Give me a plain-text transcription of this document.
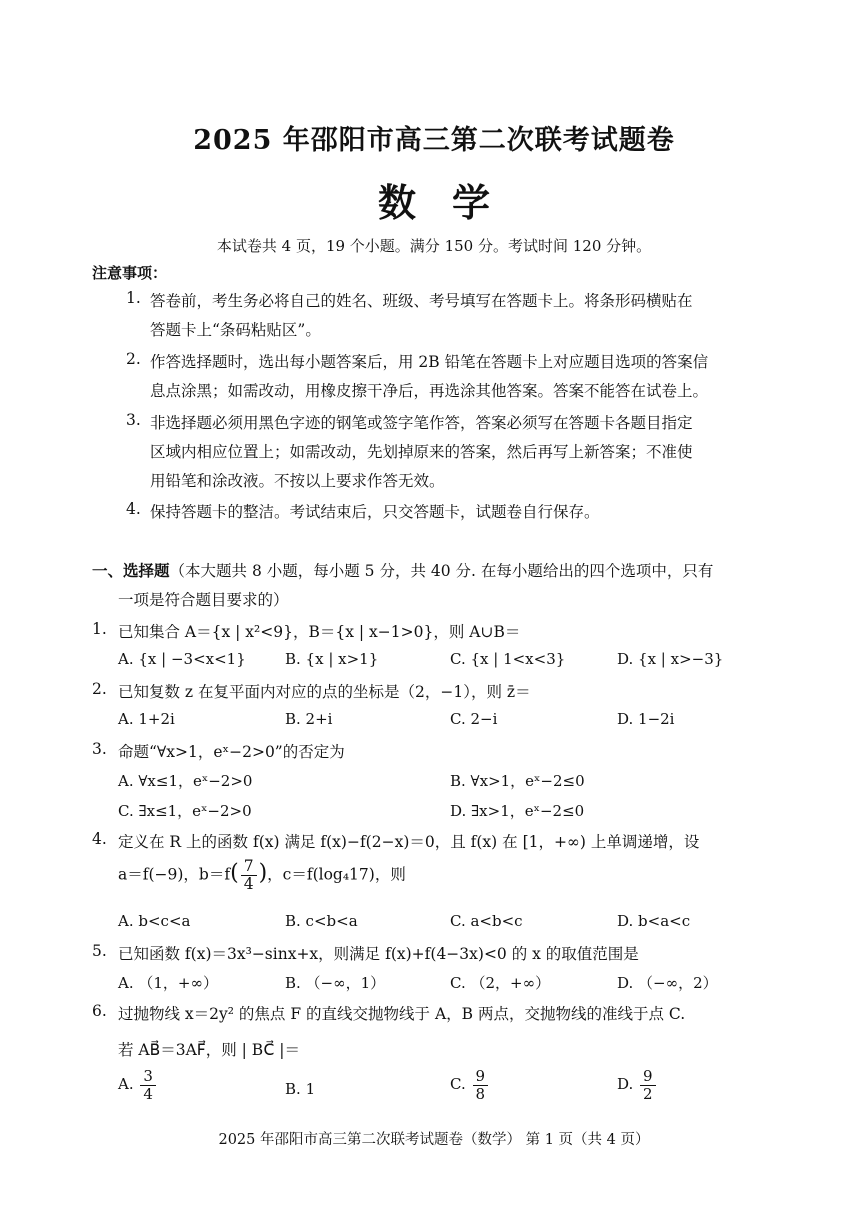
2025 年邵阳市高三第二次联考试题卷
数学
本试卷共 4 页，19 个小题。满分 150 分。考试时间 120 分钟。
注意事项：
1. 答卷前，考生务必将自己的姓名、班级、考号填写在答题卡上。将条形码横贴在
答题卡上“条码粘贴区”。
2. 作答选择题时，选出每小题答案后，用 2B 铅笔在答题卡上对应题目选项的答案信
息点涂黑；如需改动，用橡皮擦干净后，再选涂其他答案。答案不能答在试卷上。
3. 非选择题必须用黑色字迹的钢笔或签字笔作答，答案必须写在答题卡各题目指定
区域内相应位置上；如需改动，先划掉原来的答案，然后再写上新答案；不准使
用铅笔和涂改液。不按以上要求作答无效。
4. 保持答题卡的整洁。考试结束后，只交答题卡，试题卷自行保存。
一、选择题（本大题共 8 小题，每小题 5 分，共 40 分. 在每小题给出的四个选项中，只有
一项是符合题目要求的）
1. 已知集合 A＝{x | x²<9}，B＝{x | x−1>0}，则 A∪B＝
A. {x | −3<x<1}	B. {x | x>1}	C. {x | 1<x<3}	D. {x | x>−3}
2. 已知复数 z 在复平面内对应的点的坐标是（2，−1），则 z̄＝
A. 1+2i	B. 2+i	C. 2−i	D. 1−2i
3. 命题“∀x>1，eˣ−2>0”的否定为
A. ∀x≤1，eˣ−2>0	B. ∀x>1，eˣ−2≤0
C. ∃x≤1，eˣ−2>0	D. ∃x>1，eˣ−2≤0
4. 定义在 R 上的函数 f(x) 满足 f(x)−f(2−x)＝0，且 f(x) 在 [1，+∞) 上单调递增，设
a＝f(−9)，$b=f( \frac{7}{4}$ )，c＝f(log₄17)，则
A. b<c<a	B. c<b<a	C. a<b<c	D. b<a<c
5. 已知函数 f(x)＝3x³−sinx+x，则满足 f(x)+f(4−3x)<0 的 x 的取值范围是
A. （1，+∞）	B. （−∞，1）	C. （2，+∞）	D. （−∞，2）
6. 过抛物线 x＝2y² 的焦点 F 的直线交抛物线于 A，B 两点，交抛物线的准线于点 C.
若 AB⃗＝3AF⃗，则 | BC⃗ |＝
A. $\frac{3}{4}$	B. 1	C. $\frac{9}{8}$	D. $\frac{9}{2}$
2025 年邵阳市高三第二次联考试题卷（数学） 第 1 页（共 4 页）
